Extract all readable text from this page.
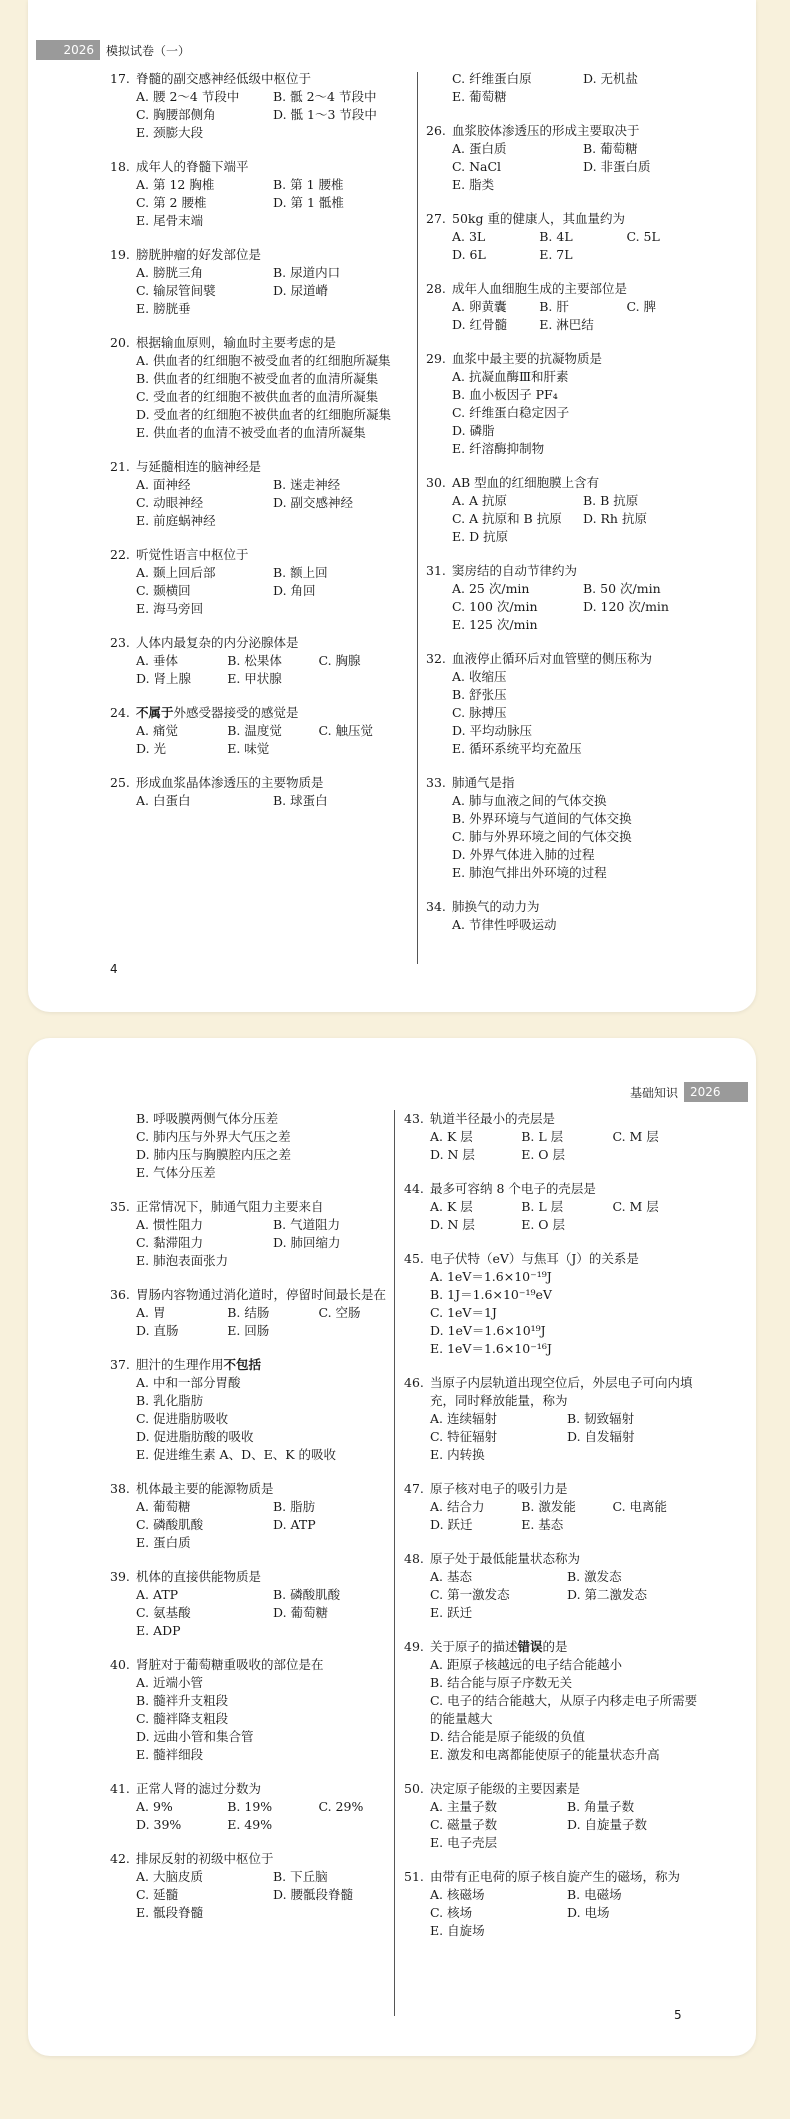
2026	模拟试卷（一）
17. 脊髓的副交感神经低级中枢位于
A. 腰 2～4 节段中	B. 骶 2～4 节段中
C. 胸腰部侧角	D. 骶 1～3 节段中
E. 颈膨大段
18. 成年人的脊髓下端平
A. 第 12 胸椎	B. 第 1 腰椎
C. 第 2 腰椎	D. 第 1 骶椎
E. 尾骨末端
19. 膀胱肿瘤的好发部位是
A. 膀胱三角	B. 尿道内口
C. 输尿管间襞	D. 尿道嵴
E. 膀胱垂
20. 根据输血原则，输血时主要考虑的是
A. 供血者的红细胞不被受血者的红细胞所凝集
B. 供血者的红细胞不被受血者的血清所凝集
C. 受血者的红细胞不被供血者的血清所凝集
D. 受血者的红细胞不被供血者的红细胞所凝集
E. 供血者的血清不被受血者的血清所凝集
21. 与延髓相连的脑神经是
A. 面神经	B. 迷走神经
C. 动眼神经	D. 副交感神经
E. 前庭蜗神经
22. 听觉性语言中枢位于
A. 颞上回后部	B. 额上回
C. 颞横回	D. 角回
E. 海马旁回
23. 人体内最复杂的内分泌腺体是
A. 垂体	B. 松果体	C. 胸腺
D. 肾上腺	E. 甲状腺
24. 不属于外感受器接受的感觉是
A. 痛觉	B. 温度觉	C. 触压觉
D. 光	E. 味觉
25. 形成血浆晶体渗透压的主要物质是
A. 白蛋白	B. 球蛋白
C. 纤维蛋白原	D. 无机盐
E. 葡萄糖
26. 血浆胶体渗透压的形成主要取决于
A. 蛋白质	B. 葡萄糖
C. NaCl	D. 非蛋白质
E. 脂类
27. 50kg 重的健康人，其血量约为
A. 3L	B. 4L	C. 5L
D. 6L	E. 7L
28. 成年人血细胞生成的主要部位是
A. 卵黄囊	B. 肝	C. 脾
D. 红骨髓	E. 淋巴结
29. 血浆中最主要的抗凝物质是
A. 抗凝血酶Ⅲ和肝素
B. 血小板因子 PF₄
C. 纤维蛋白稳定因子
D. 磷脂
E. 纤溶酶抑制物
30. AB 型血的红细胞膜上含有
A. A 抗原	B. B 抗原
C. A 抗原和 B 抗原	D. Rh 抗原
E. D 抗原
31. 窦房结的自动节律约为
A. 25 次/min	B. 50 次/min
C. 100 次/min	D. 120 次/min
E. 125 次/min
32. 血液停止循环后对血管壁的侧压称为
A. 收缩压
B. 舒张压
C. 脉搏压
D. 平均动脉压
E. 循环系统平均充盈压
33. 肺通气是指
A. 肺与血液之间的气体交换
B. 外界环境与气道间的气体交换
C. 肺与外界环境之间的气体交换
D. 外界气体进入肺的过程
E. 肺泡气排出外环境的过程
34. 肺换气的动力为
A. 节律性呼吸运动
4
基础知识	2026
B. 呼吸膜两侧气体分压差
C. 肺内压与外界大气压之差
D. 肺内压与胸膜腔内压之差
E. 气体分压差
35. 正常情况下，肺通气阻力主要来自
A. 惯性阻力	B. 气道阻力
C. 黏滞阻力	D. 肺回缩力
E. 肺泡表面张力
36. 胃肠内容物通过消化道时，停留时间最长是在
A. 胃	B. 结肠	C. 空肠
D. 直肠	E. 回肠
37. 胆汁的生理作用不包括
A. 中和一部分胃酸
B. 乳化脂肪
C. 促进脂肪吸收
D. 促进脂肪酸的吸收
E. 促进维生素 A、D、E、K 的吸收
38. 机体最主要的能源物质是
A. 葡萄糖	B. 脂肪
C. 磷酸肌酸	D. ATP
E. 蛋白质
39. 机体的直接供能物质是
A. ATP	B. 磷酸肌酸
C. 氨基酸	D. 葡萄糖
E. ADP
40. 肾脏对于葡萄糖重吸收的部位是在
A. 近端小管
B. 髓袢升支粗段
C. 髓袢降支粗段
D. 远曲小管和集合管
E. 髓袢细段
41. 正常人肾的滤过分数为
A. 9%	B. 19%	C. 29%
D. 39%	E. 49%
42. 排尿反射的初级中枢位于
A. 大脑皮质	B. 下丘脑
C. 延髓	D. 腰骶段脊髓
E. 骶段脊髓
43. 轨道半径最小的壳层是
A. K 层	B. L 层	C. M 层
D. N 层	E. O 层
44. 最多可容纳 8 个电子的壳层是
A. K 层	B. L 层	C. M 层
D. N 层	E. O 层
45. 电子伏特（eV）与焦耳（J）的关系是
A. 1eV＝1.6×10⁻¹⁹J
B. 1J＝1.6×10⁻¹⁹eV
C. 1eV＝1J
D. 1eV＝1.6×10¹⁹J
E. 1eV＝1.6×10⁻¹⁶J
46. 当原子内层轨道出现空位后，外层电子可向内填充，同时释放能量，称为
A. 连续辐射	B. 韧致辐射
C. 特征辐射	D. 自发辐射
E. 内转换
47. 原子核对电子的吸引力是
A. 结合力	B. 激发能	C. 电离能
D. 跃迁	E. 基态
48. 原子处于最低能量状态称为
A. 基态	B. 激发态
C. 第一激发态	D. 第二激发态
E. 跃迁
49. 关于原子的描述错误的是
A. 距原子核越远的电子结合能越小
B. 结合能与原子序数无关
C. 电子的结合能越大，从原子内移走电子所需要的能量越大
D. 结合能是原子能级的负值
E. 激发和电离都能使原子的能量状态升高
50. 决定原子能级的主要因素是
A. 主量子数	B. 角量子数
C. 磁量子数	D. 自旋量子数
E. 电子壳层
51. 由带有正电荷的原子核自旋产生的磁场，称为
A. 核磁场	B. 电磁场
C. 核场	D. 电场
E. 自旋场
5
